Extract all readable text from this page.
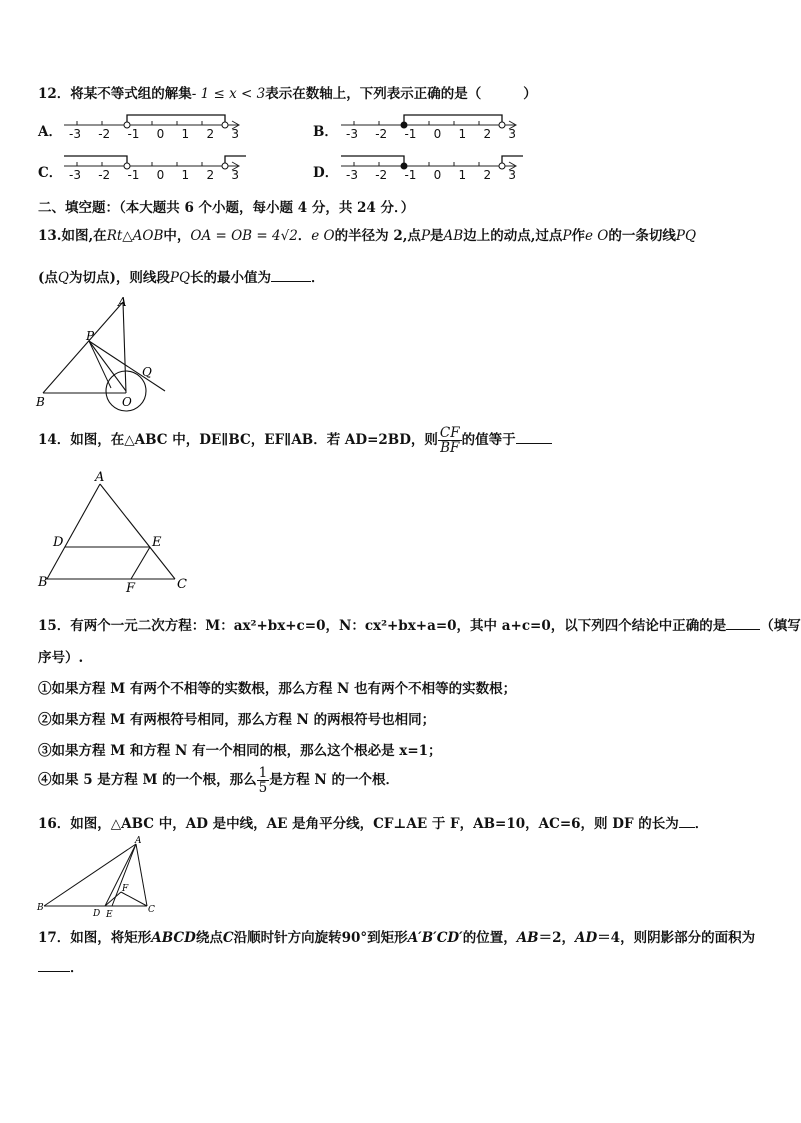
12．将某不等式组的解集- 1 ≤ x < 3表示在数轴上，下列表示正确的是（	）
A． -3 -2 -1 0 1 2 3	B． -3 -2 -1 0 1 2 3
C． -3 -2 -1 0 1 2 3	D． -3 -2 -1 0 1 2 3
二、填空题：（本大题共 6 个小题，每小题 4 分，共 24 分．）
13.如图,在Rt△AOB中，OA = OB = 4√2．e O的半径为 2,点P是AB边上的动点,过点P作e O的一条切线PQ
(点Q为切点)，则线段PQ长的最小值为	．
A
P
Q
B	O
14．如图，在△ABC 中，DE∥BC，EF∥AB．若 AD=2BD，则 $\frac{CF}{BF}$ 的值等于
A
D	E
B	F	C
15．有两个一元二次方程：M：ax²+bx+c=0，N：cx²+bx+a=0，其中 a+c=0，以下列四个结论中正确的是	（填写
序号）.
①如果方程 M 有两个不相等的实数根，那么方程 N 也有两个不相等的实数根；
②如果方程 M 有两根符号相同，那么方程 N 的两根符号也相同；
③如果方程 M 和方程 N 有一个相同的根，那么这个根必是 x=1；
④如果 5 是方程 M 的一个根，那么 $\frac{1}{5}$ 是方程 N 的一个根．
16．如图，△ABC 中，AD 是中线，AE 是角平分线，CF⊥AE 于 F，AB=10，AC=6，则 DF 的长为 ．
A
F
B
D E	C
17．如图，将矩形ABCD绕点C沿顺时针方向旋转90°到矩形A′B′CD′的位置，AB＝2，AD＝4，则阴影部分的面积为
．
